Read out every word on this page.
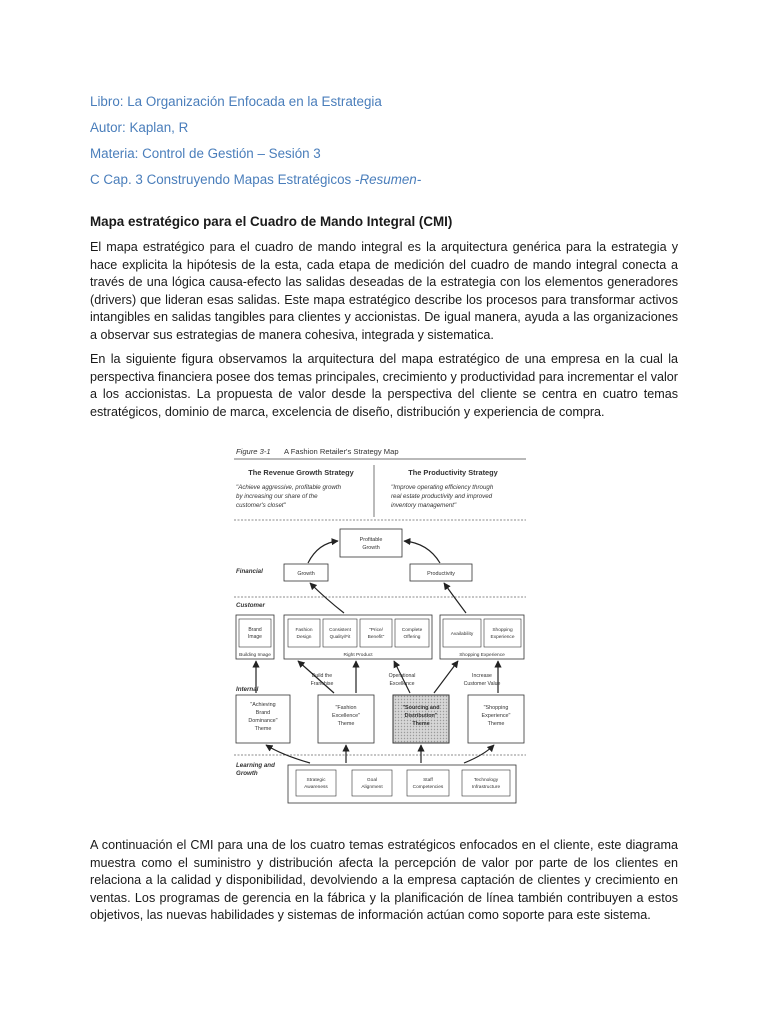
Libro: La Organización Enfocada en la Estrategia
Autor: Kaplan, R
Materia: Control de Gestión – Sesión 3
C Cap. 3 Construyendo Mapas Estratégicos -Resumen-
Mapa estratégico para el Cuadro de Mando Integral (CMI)
El mapa estratégico para el cuadro de mando integral es la arquitectura genérica para la estrategia y hace explicita la hipótesis de la esta, cada etapa de medición del cuadro de mando integral conecta a través de una lógica causa-efecto las salidas deseadas de la estrategia con los elementos generadores (drivers) que lideran esas salidas. Este mapa estratégico describe los procesos para transformar activos intangibles en salidas tangibles para clientes y accionistas. De igual manera, ayuda a las organizaciones a observar sus estrategias de manera cohesiva, integrada y sistematica.
En la siguiente figura observamos la arquitectura del mapa estratégico de una empresa en la cual la perspectiva financiera posee dos temas principales, crecimiento y productividad para incrementar el valor a los accionistas. La propuesta de valor desde la perspectiva del cliente se centra en cuatro temas estratégicos, dominio de marca, excelencia de diseño, distribución y experiencia de compra.
Figure 3-1 A Fashion Retailer's Strategy Map
The Revenue Growth Strategy	The Productivity Strategy
"Achieve aggressive, profitable growth
by increasing our share of the
customer's closet"
"Improve operating efficiency through
real estate productivity and improved
inventory management"
Profitable
Growth
Financial	Growth	Productivity
Customer
Brand
Image
Building Image
Fashion
Design
Consistent
Quality/Fit
"Price/
Benefit"
Complete
Offering
Right Product
Availability
Shopping
Experience
Shopping Experience
Internal
Build the
Franchise
Operational
Excellence
Increase
Customer Value
"Achieving
Brand
Dominance"
Theme
"Fashion
Excellence"
Theme
"Sourcing and
Distribution"
Theme
"Shopping
Experience"
Theme
Learning and
Growth
Strategic
Awareness
Goal
Alignment
Staff
Competencies
Technology
Infrastructure
A continuación el CMI para una de los cuatro temas estratégicos enfocados en el cliente, este diagrama muestra como el suministro y distribución afecta la percepción de valor por parte de los clientes en relaciona a la calidad y disponibilidad, devolviendo a la empresa captación de clientes y crecimiento en ventas. Los programas de gerencia en la fábrica y la planificación de línea también contribuyen a estos objetivos, las nuevas habilidades y sistemas de información actúan como soporte para este sistema.
